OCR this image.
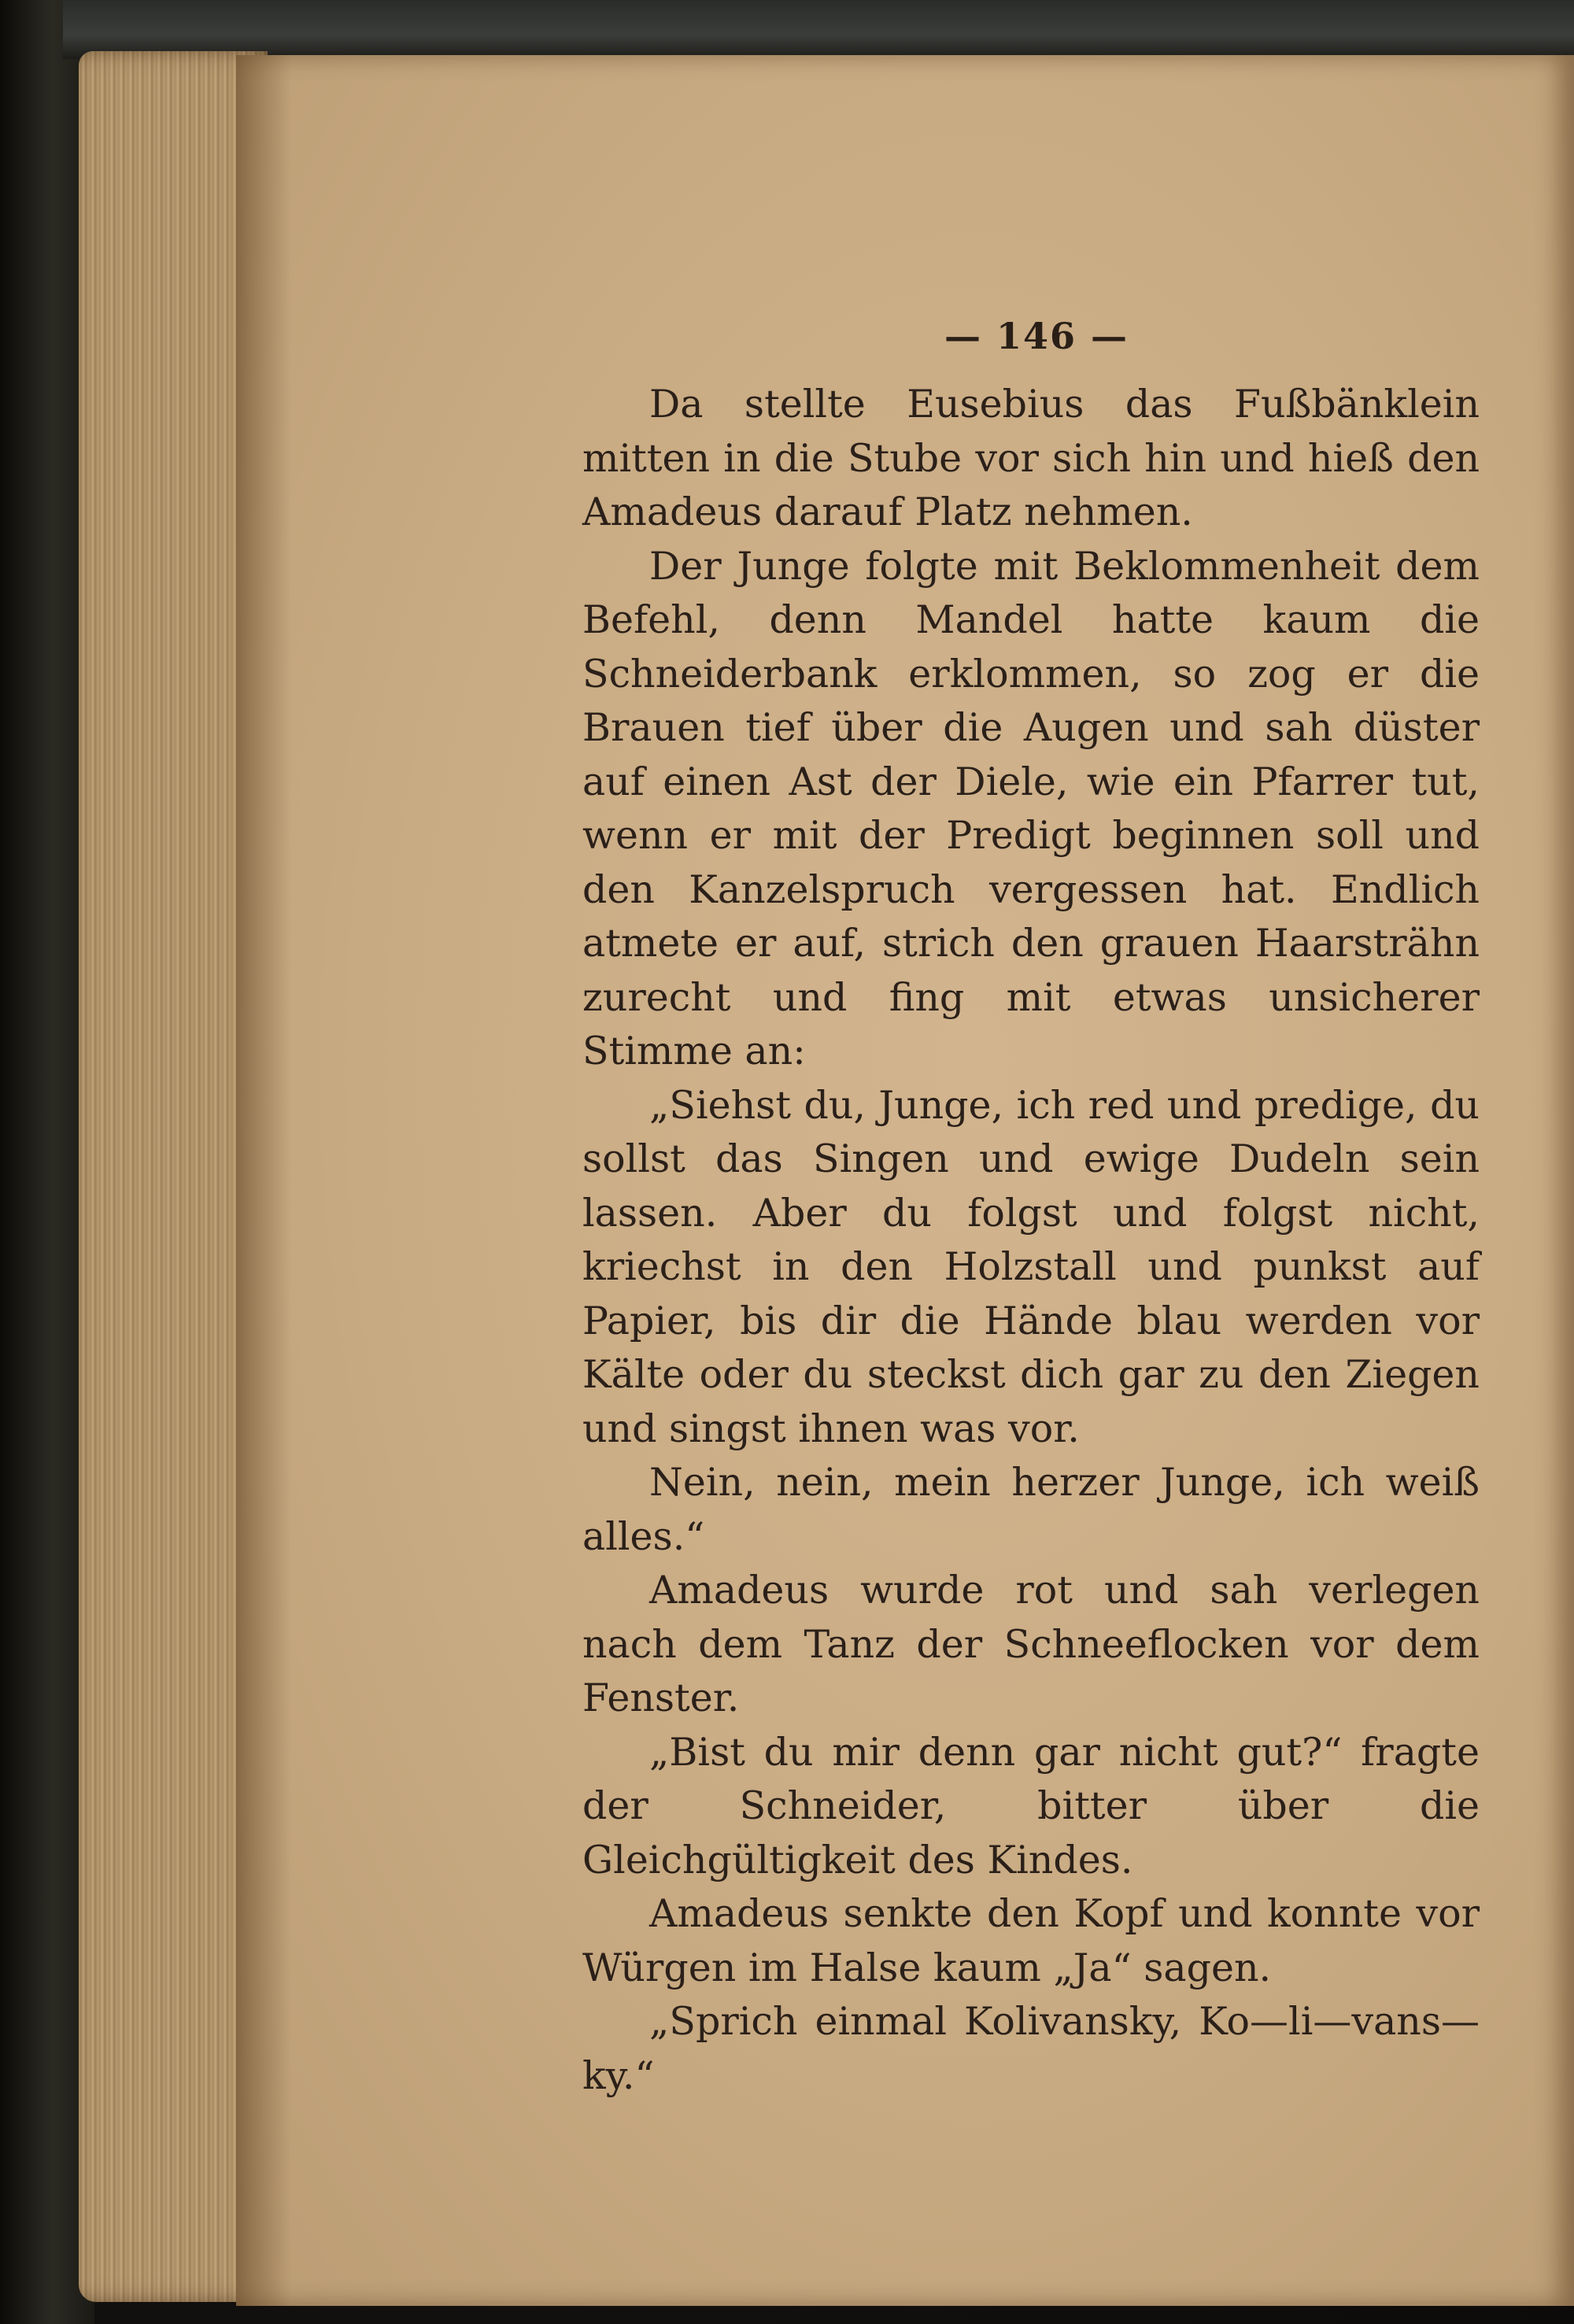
— 146 —

Da stellte Eusebius das Fußbänklein mitten in die Stube vor sich hin und hieß den Amadeus darauf Platz nehmen.

Der Junge folgte mit Beklommenheit dem Befehl, denn Mandel hatte kaum die Schneiderbank erklommen, so zog er die Brauen tief über die Augen und sah düster auf einen Ast der Diele, wie ein Pfarrer tut, wenn er mit der Predigt beginnen soll und den Kanzelspruch vergessen hat. Endlich atmete er auf, strich den grauen Haarsträhn zurecht und fing mit etwas unsicherer Stimme an:

„Siehst du, Junge, ich red und predige, du sollst das Singen und ewige Dudeln sein lassen. Aber du folgst und folgst nicht, kriechst in den Holzstall und punkst auf Papier, bis dir die Hände blau werden vor Kälte oder du steckst dich gar zu den Ziegen und singst ihnen was vor.

Nein, nein, mein herzer Junge, ich weiß alles.“

Amadeus wurde rot und sah verlegen nach dem Tanz der Schneeflocken vor dem Fenster.

„Bist du mir denn gar nicht gut?“ fragte der Schneider, bitter über die Gleichgültigkeit des Kindes.

Amadeus senkte den Kopf und konnte vor Würgen im Halse kaum „Ja“ sagen.

„Sprich einmal Kolivansky, Ko—li—vans—ky.“
